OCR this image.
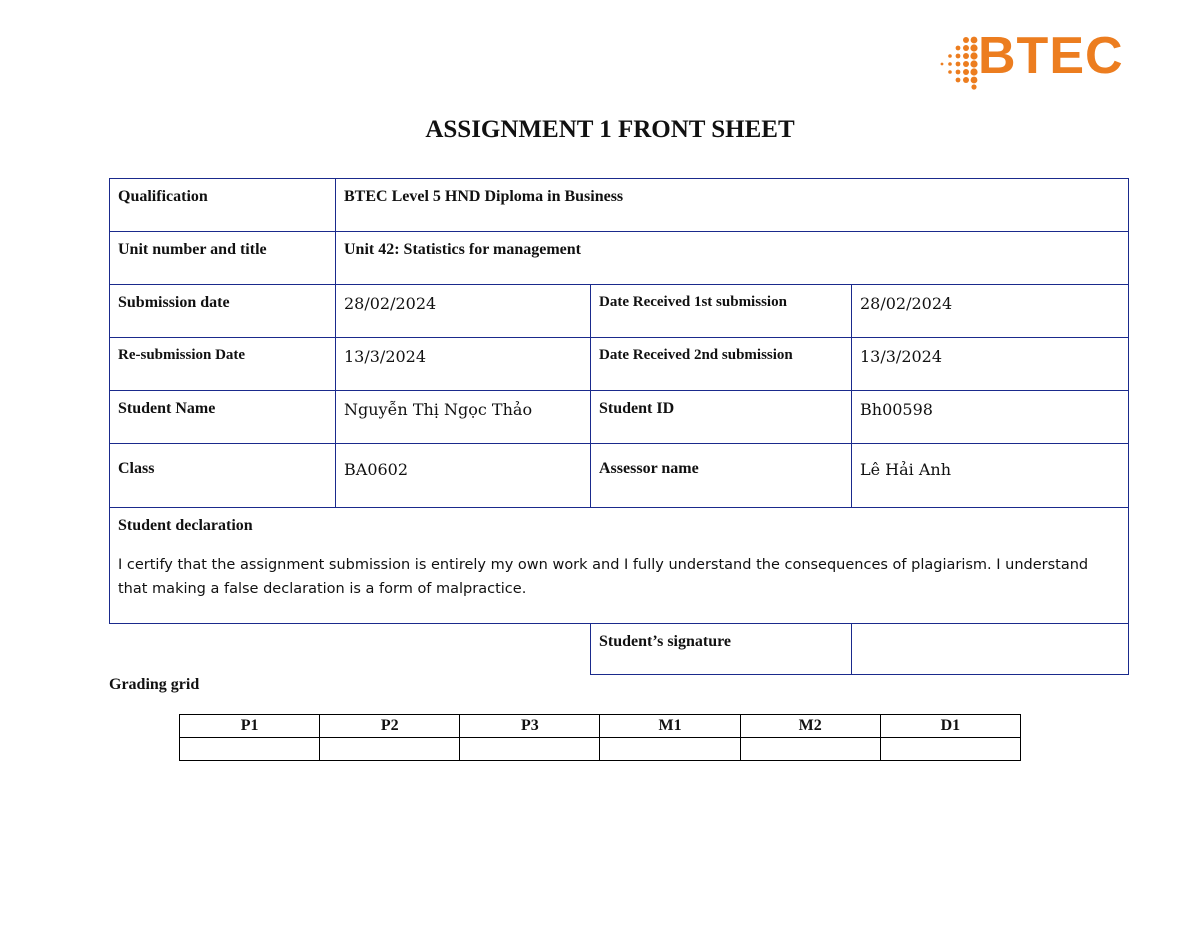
BTEC
ASSIGNMENT 1 FRONT SHEET
Qualification	BTEC Level 5 HND Diploma in Business		

Unit number and title	Unit 42: Statistics for management		

Submission date	28/02/2024	Date Received 1st submission	28/02/2024

Re-submission Date	13/3/2024	Date Received 2nd submission	13/3/2024

Student Name	Nguyễn Thị Ngọc Thảo	Student ID	Bh00598

Class	BA0602	Assessor name	Lê Hải Anh

Student declaration
I certify that the assignment submission is entirely my own work and I fully understand the consequences of plagiarism. I understand that making a false declaration is a form of malpractice.			

		Student’s signature	

Grading grid
P1	P2	P3	M1	M2	D1
